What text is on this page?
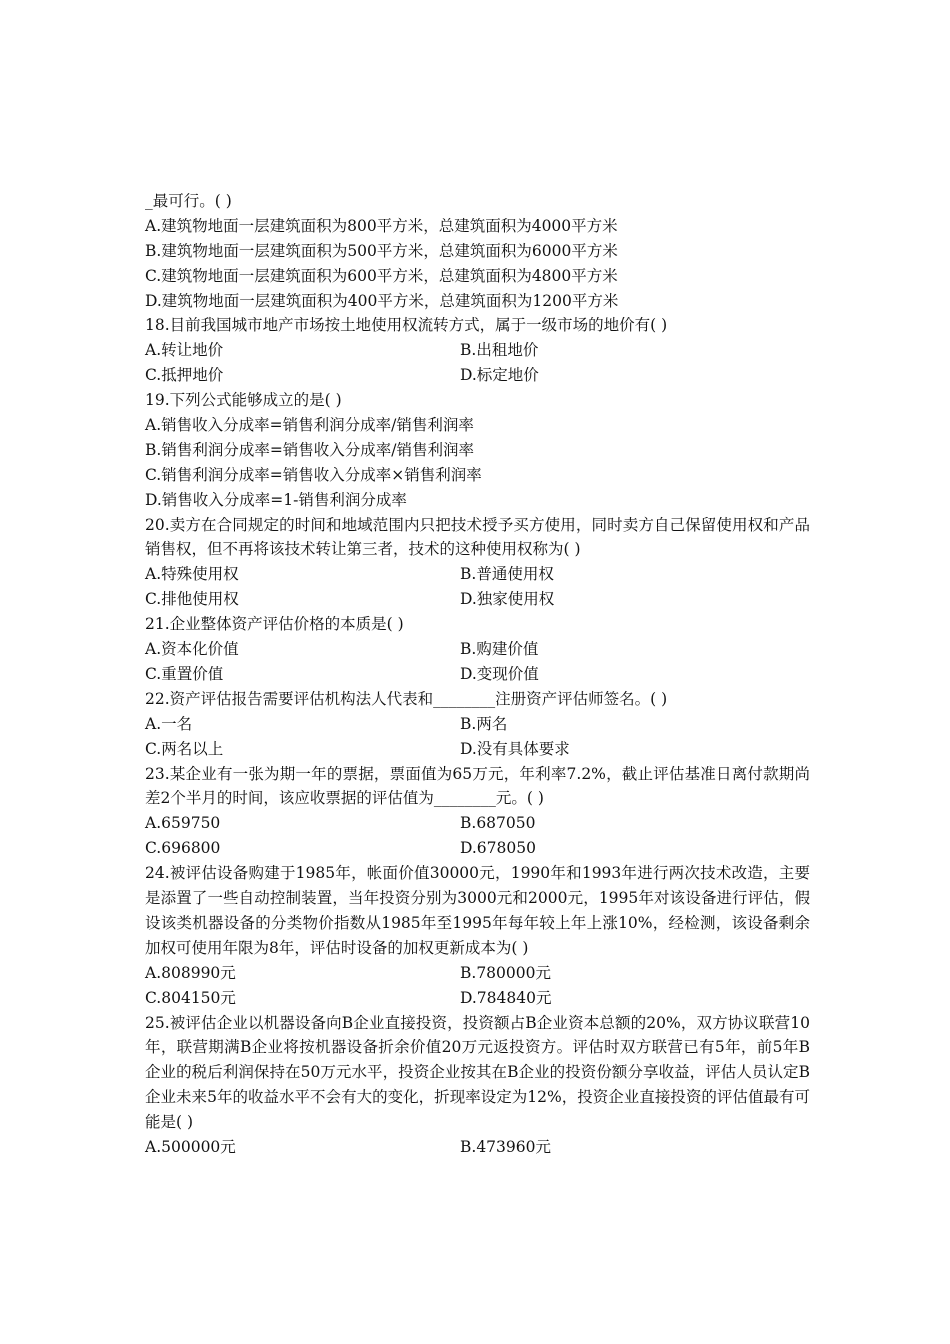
_最可行。( )
A.建筑物地面一层建筑面积为800平方米，总建筑面积为4000平方米
B.建筑物地面一层建筑面积为500平方米，总建筑面积为6000平方米
C.建筑物地面一层建筑面积为600平方米，总建筑面积为4800平方米
D.建筑物地面一层建筑面积为400平方米，总建筑面积为1200平方米
18.目前我国城市地产市场按土地使用权流转方式，属于一级市场的地价有( )
A.转让地价	B.出租地价
C.抵押地价	D.标定地价
19.下列公式能够成立的是( )
A.销售收入分成率=销售利润分成率/销售利润率
B.销售利润分成率=销售收入分成率/销售利润率
C.销售利润分成率=销售收入分成率×销售利润率
D.销售收入分成率=1-销售利润分成率
20.卖方在合同规定的时间和地域范围内只把技术授予买方使用，同时卖方自己保留使用权和产品销售权，但不再将该技术转让第三者，技术的这种使用权称为( )
A.特殊使用权	B.普通使用权
C.排他使用权	D.独家使用权
21.企业整体资产评估价格的本质是( )
A.资本化价值	B.购建价值
C.重置价值	D.变现价值
22.资产评估报告需要评估机构法人代表和________注册资产评估师签名。( )
A.一名	B.两名
C.两名以上	D.没有具体要求
23.某企业有一张为期一年的票据，票面值为65万元，年利率7.2%，截止评估基准日离付款期尚差2个半月的时间，该应收票据的评估值为________元。( )
A.659750	B.687050
C.696800	D.678050
24.被评估设备购建于1985年，帐面价值30000元，1990年和1993年进行两次技术改造，主要是添置了一些自动控制装置，当年投资分别为3000元和2000元，1995年对该设备进行评估，假设该类机器设备的分类物价指数从1985年至1995年每年较上年上涨10%，经检测，该设备剩余加权可使用年限为8年，评估时设备的加权更新成本为( )
A.808990元	B.780000元
C.804150元	D.784840元
25.被评估企业以机器设备向B企业直接投资，投资额占B企业资本总额的20%，双方协议联营10年，联营期满B企业将按机器设备折余价值20万元返投资方。评估时双方联营已有5年，前5年B企业的税后利润保持在50万元水平，投资企业按其在B企业的投资份额分享收益，评估人员认定B企业未来5年的收益水平不会有大的变化，折现率设定为12%，投资企业直接投资的评估值最有可能是( )
A.500000元	B.473960元
